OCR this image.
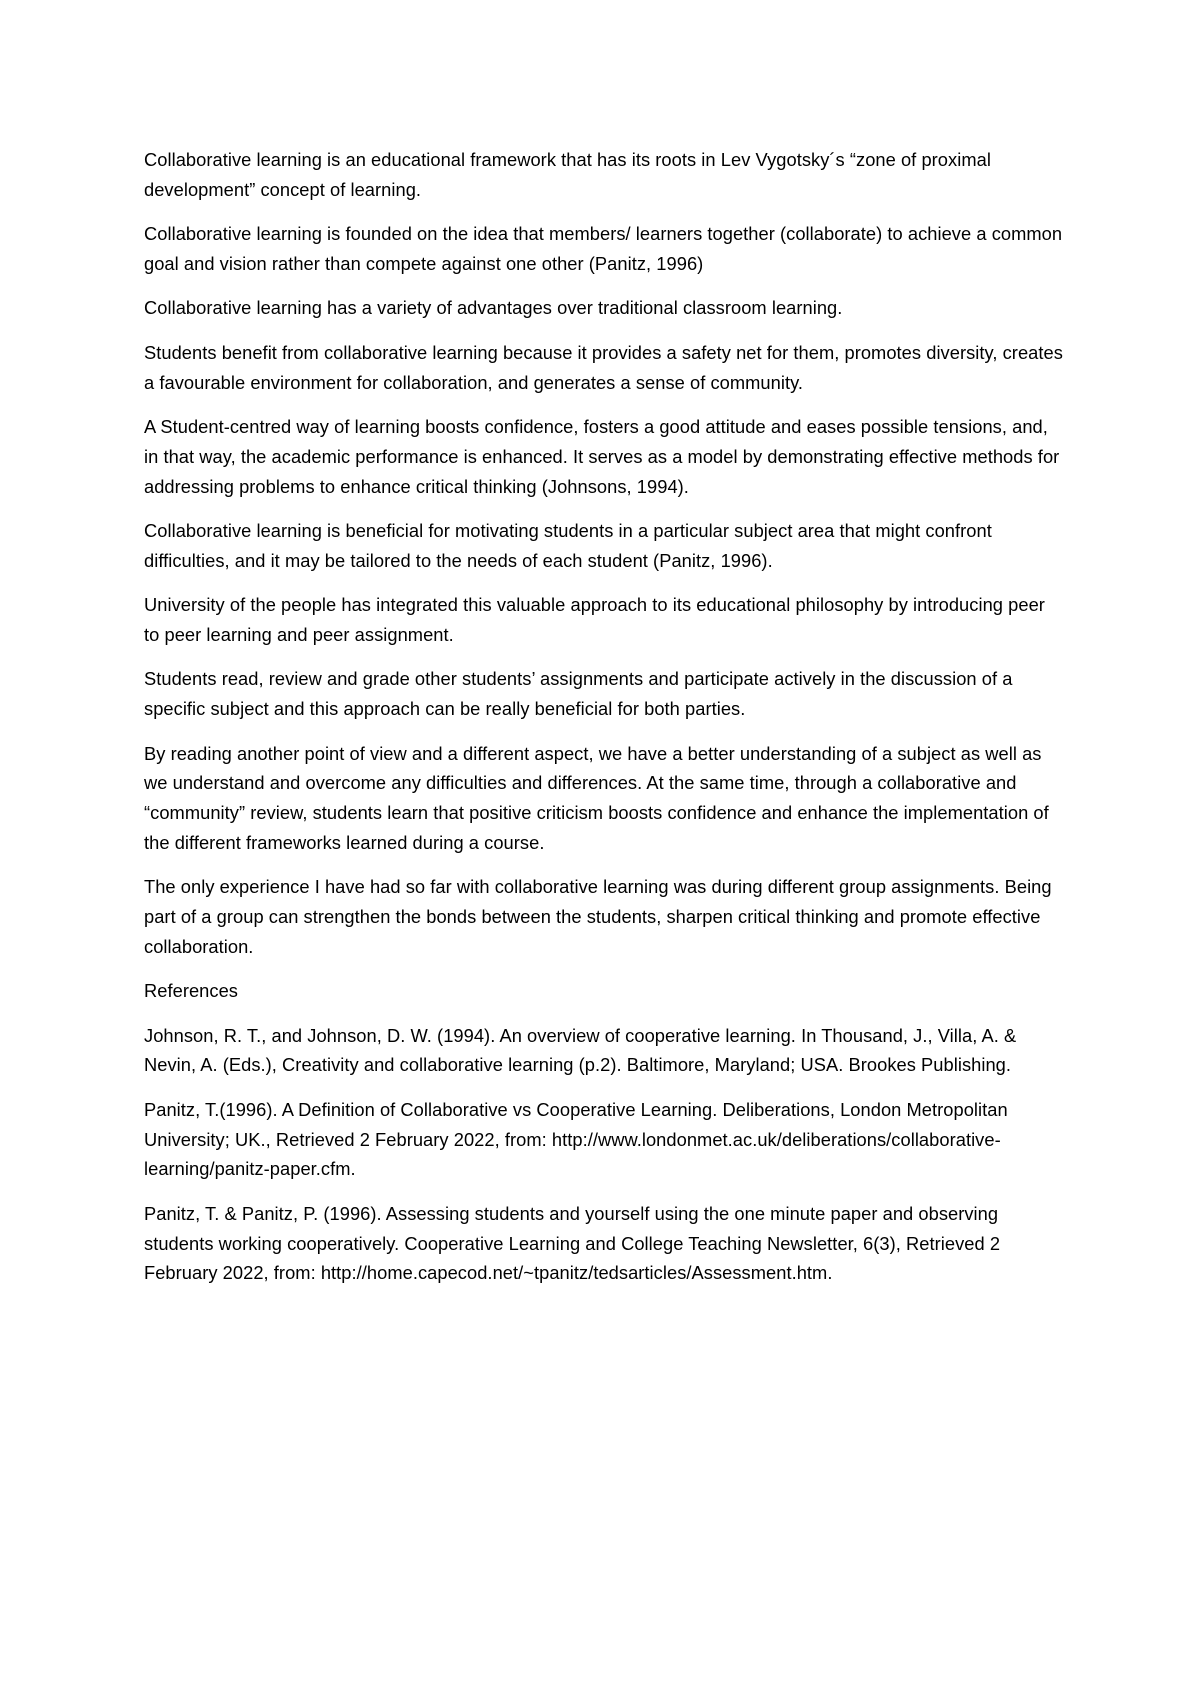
Collaborative learning is an educational framework that has its roots in Lev Vygotsky´s “zone of proximal development” concept of learning.

Collaborative learning is founded on the idea that members/ learners together (collaborate) to achieve a common goal and vision rather than compete against one other (Panitz, 1996)

Collaborative learning has a variety of advantages over traditional classroom learning.

Students benefit from collaborative learning because it provides a safety net for them, promotes diversity, creates a favourable environment for collaboration, and generates a sense of community.

A Student-centred way of learning boosts confidence, fosters a good attitude and eases possible tensions, and, in that way, the academic performance is enhanced. It serves as a model by demonstrating effective methods for addressing problems to enhance critical thinking (Johnsons, 1994).

Collaborative learning is beneficial for motivating students in a particular subject area that might confront difficulties, and it may be tailored to the needs of each student (Panitz, 1996).

University of the people has integrated this valuable approach to its educational philosophy by introducing peer to peer learning and peer assignment.

Students read, review and grade other students’ assignments and participate actively in the discussion of a specific subject and this approach can be really beneficial for both parties.

By reading another point of view and a different aspect, we have a better understanding of a subject as well as we understand and overcome any difficulties and differences. At the same time, through a collaborative and “community” review, students learn that positive criticism boosts confidence and enhance the implementation of the different frameworks learned during a course.

The only experience I have had so far with collaborative learning was during different group assignments. Being part of a group can strengthen the bonds between the students, sharpen critical thinking and promote effective collaboration.

References

Johnson, R. T., and Johnson, D. W. (1994). An overview of cooperative learning. In Thousand, J., Villa, A. & Nevin, A. (Eds.), Creativity and collaborative learning (p.2). Baltimore, Maryland; USA. Brookes Publishing.

Panitz, T.(1996). A Definition of Collaborative vs Cooperative Learning. Deliberations, London Metropolitan University; UK., Retrieved 2 February 2022, from: http://www.londonmet.ac.uk/deliberations/collaborative-learning/panitz-paper.cfm.

Panitz, T. & Panitz, P. (1996). Assessing students and yourself using the one minute paper and observing students working cooperatively. Cooperative Learning and College Teaching Newsletter, 6(3), Retrieved 2 February 2022, from: http://home.capecod.net/~tpanitz/tedsarticles/Assessment.htm.
